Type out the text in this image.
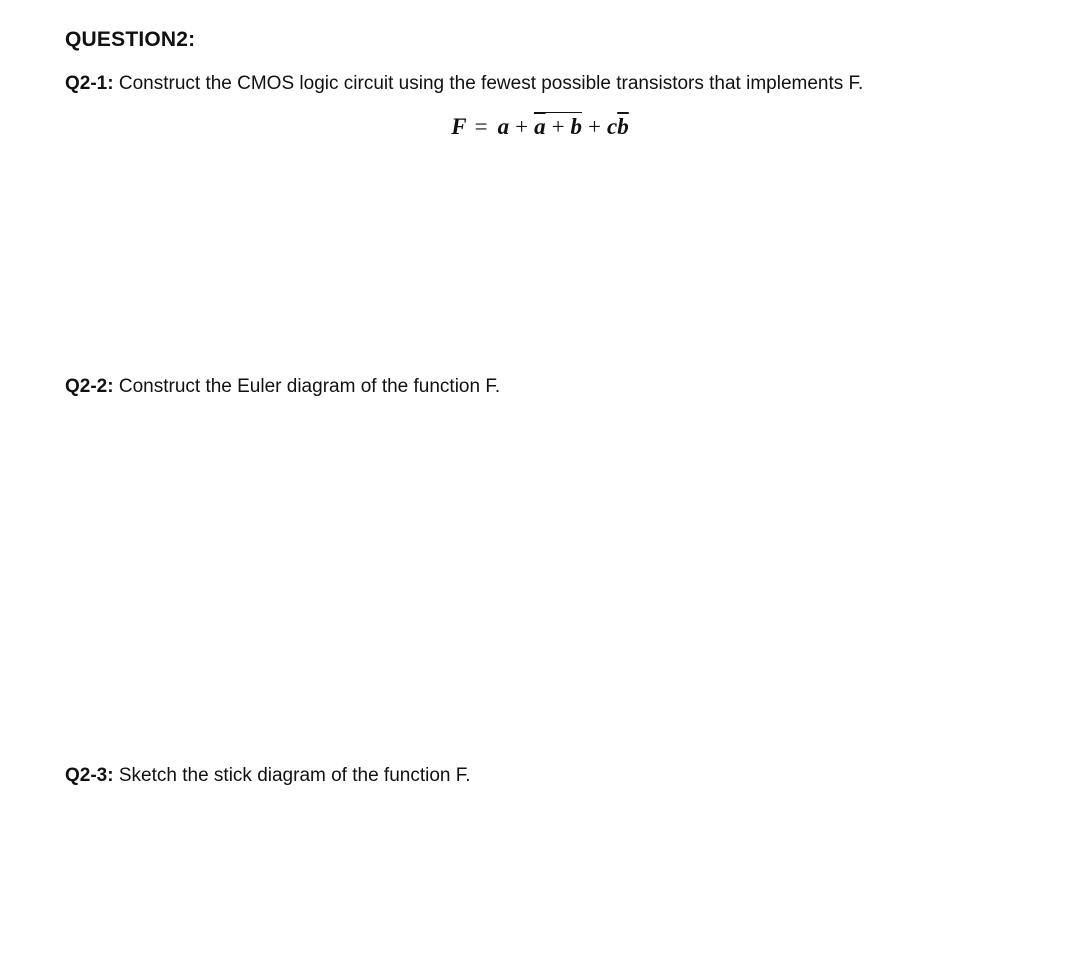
QUESTION2:
Q2-1: Construct the CMOS logic circuit using the fewest possible transistors that implements F.
$F = a + \overline{a} + b + c\overline{b}$
Q2-2: Construct the Euler diagram of the function F.
Q2-3: Sketch the stick diagram of the function F.
